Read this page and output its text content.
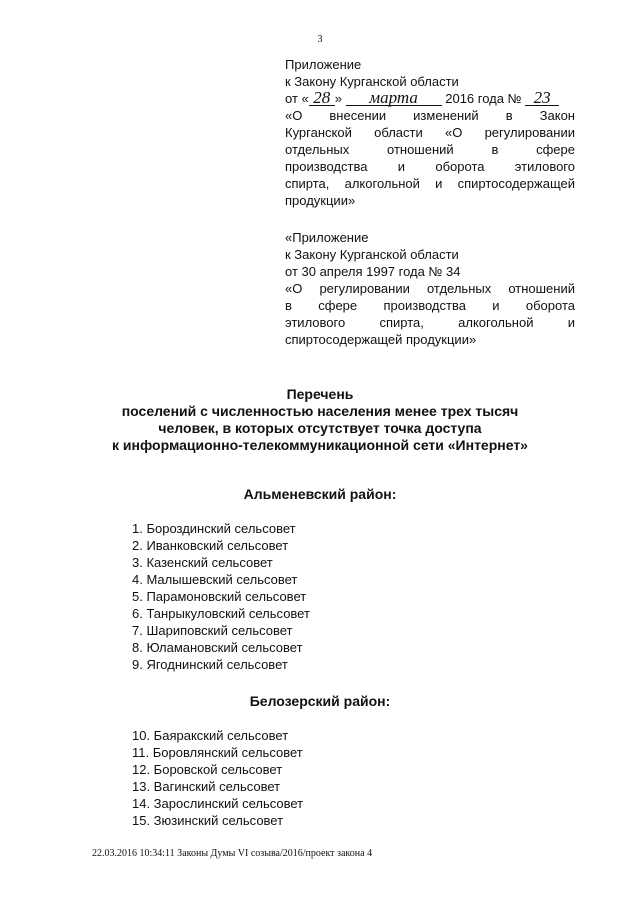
3
Приложение
к Закону Курганской области
от « 28 » марта 2016 года № 23
«О внесении изменений в Закон
Курганской области «О регулировании
отдельных отношений в сфере
производства и оборота этилового
спирта, алкогольной и спиртосодержащей
продукции»
«Приложение
к Закону Курганской области
от 30 апреля 1997 года № 34
«О регулировании отдельных отношений
в сфере производства и оборота
этилового спирта, алкогольной и
спиртосодержащей продукции»
Перечень
поселений с численностью населения менее трех тысяч
человек, в которых отсутствует точка доступа
к информационно-телекоммуникационной сети «Интернет»
Альменевский район:
1. Бороздинский сельсовет
2. Иванковский сельсовет
3. Казенский сельсовет
4. Малышевский сельсовет
5. Парамоновский сельсовет
6. Танрыкуловский сельсовет
7. Шариповский сельсовет
8. Юламановский сельсовет
9. Ягоднинский сельсовет
Белозерский район:
10. Баяракский сельсовет
11. Боровлянский сельсовет
12. Боровской сельсовет
13. Вагинский сельсовет
14. Зарослинский сельсовет
15. Зюзинский сельсовет
22.03.2016 10:34:11 Законы Думы VI созыва/2016/проект закона 4
